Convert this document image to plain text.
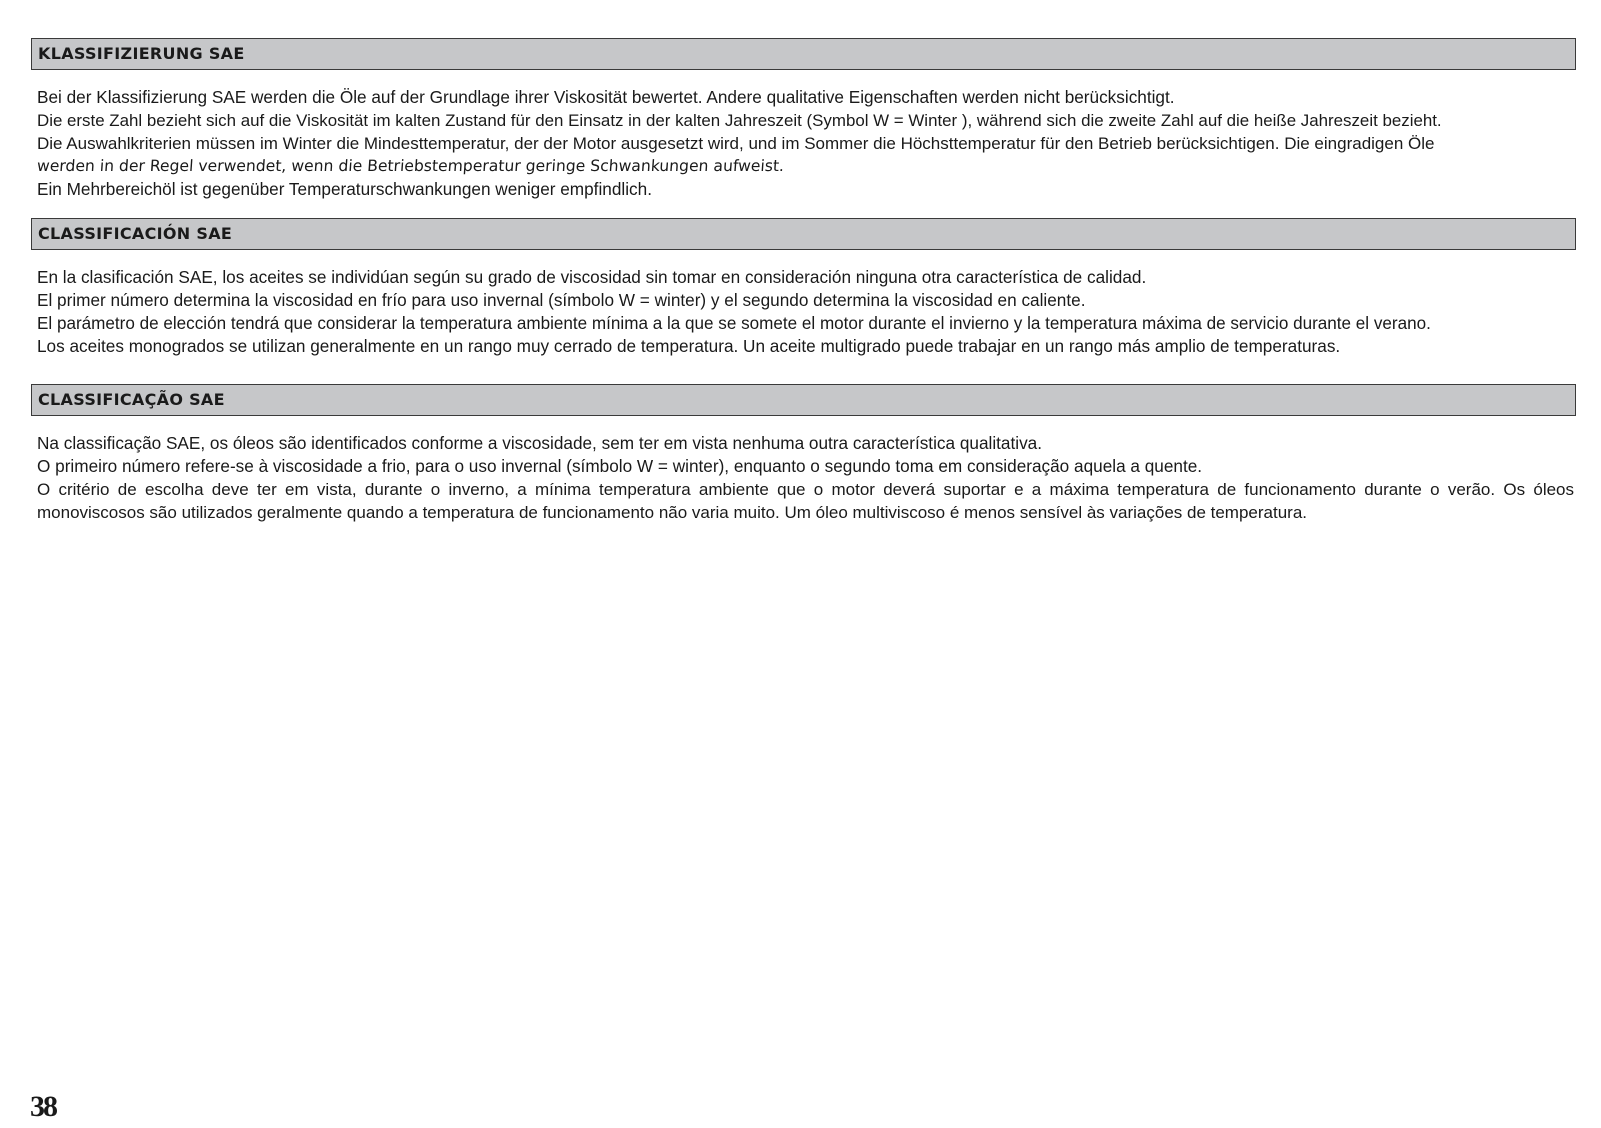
KLASSIFIZIERUNG SAE

Bei der Klassifizierung SAE werden die Öle auf der Grundlage ihrer Viskosität bewertet. Andere qualitative Eigenschaften werden nicht berücksichtigt.

Die erste Zahl bezieht sich auf die Viskosität im kalten Zustand für den Einsatz in der kalten Jahreszeit (Symbol W = Winter ), während sich die zweite Zahl auf die heiße Jahreszeit bezieht.

Die Auswahlkriterien müssen im Winter die Mindesttemperatur, der der Motor ausgesetzt wird, und im Sommer die Höchsttemperatur für den Betrieb berücksichtigen. Die eingradigen Öle

werden in der Regel verwendet, wenn die Betriebstemperatur geringe Schwankungen aufweist.

Ein Mehrbereichöl ist gegenüber Temperaturschwankungen weniger empfindlich.

CLASSIFICACIÓN SAE

En la clasificación SAE, los aceites se individúan según su grado de viscosidad sin tomar en consideración ninguna otra característica de calidad.

El primer número determina la viscosidad en frío para uso invernal (símbolo W = winter) y el segundo determina la viscosidad en caliente.

El parámetro de elección tendrá que considerar la temperatura ambiente mínima a la que se somete el motor durante el invierno y la temperatura máxima de servicio durante el verano.

Los aceites monogrados se utilizan generalmente en un rango muy cerrado de temperatura. Un aceite multigrado puede trabajar en un rango más amplio de temperaturas.

CLASSIFICAÇÃO SAE

Na classificação SAE, os óleos são identificados conforme a viscosidade, sem ter em vista nenhuma outra característica qualitativa.

O primeiro número refere-se à viscosidade a frio, para o uso invernal (símbolo W = winter), enquanto o segundo toma em consideração aquela a quente.

O critério de escolha deve ter em vista, durante o inverno, a mínima temperatura ambiente que o motor deverá suportar e a máxima temperatura de funcionamento durante o verão. Os óleos monoviscosos são utilizados geralmente quando a temperatura de funcionamento não varia muito. Um óleo multiviscoso é menos sensível às variações de temperatura.

38
